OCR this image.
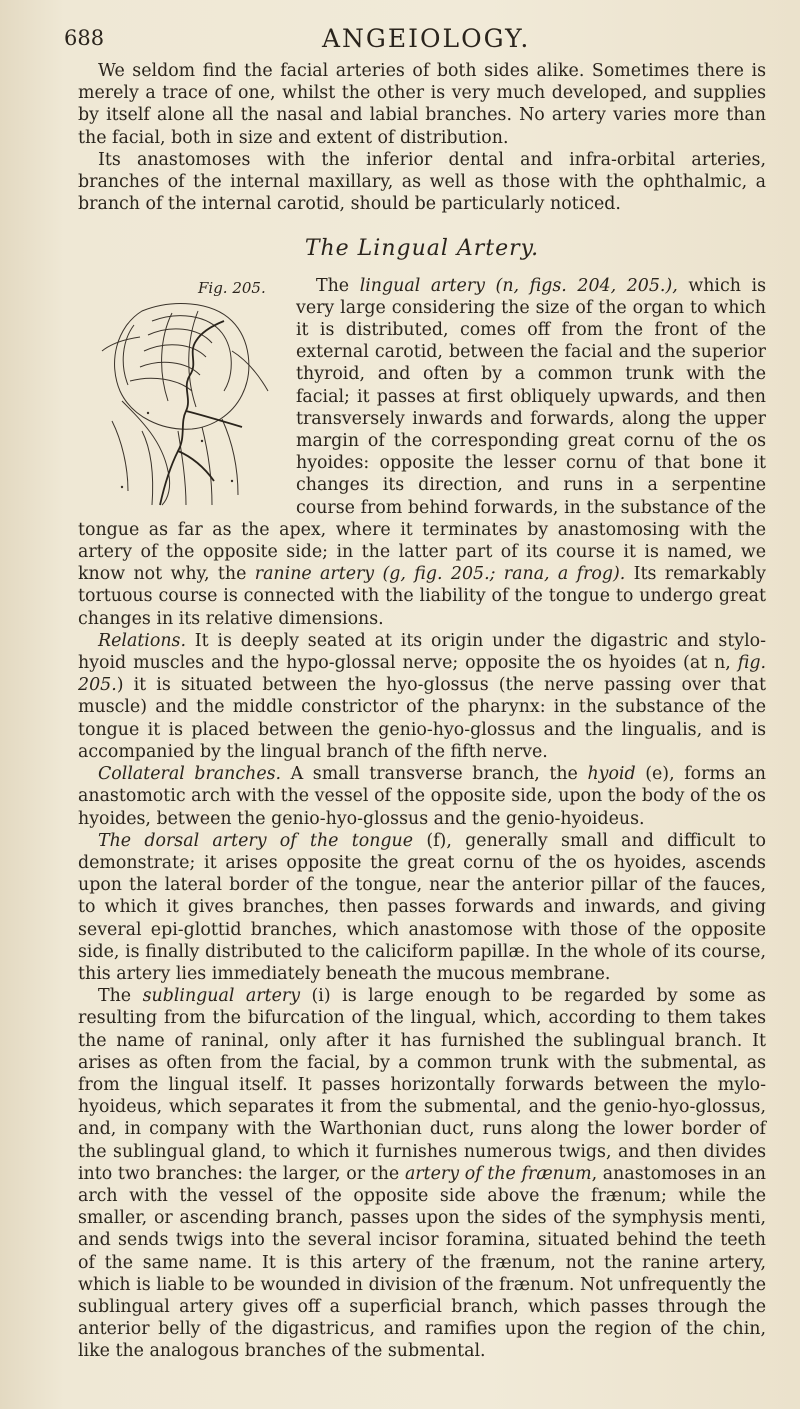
688	ANGEIOLOGY.

We seldom find the facial arteries of both sides alike. Sometimes there is merely a trace of one, whilst the other is very much developed, and supplies by itself alone all the nasal and labial branches. No artery varies more than the facial, both in size and extent of distribution.

Its anastomoses with the inferior dental and infra-orbital arteries, branches of the internal maxillary, as well as those with the ophthalmic, a branch of the internal carotid, should be particularly noticed.

The Lingual Artery.

The lingual artery (n, figs. 204, 205.),
Fig. 205.	which is very large considering the size of the organ to which it is distributed, comes off from the front of the external carotid, between the facial and the superior thyroid, and often by a common trunk with the facial; it passes at first obliquely upwards, and then transversely inwards and forwards, along the upper margin of the corresponding great cornu of the os hyoides: opposite the lesser cornu of that bone it changes its direction, and runs in a serpentine course from behind forwards, in the substance of the tongue as far as the apex, where it terminates by anastomosing with the artery of the opposite side; in the latter part of its course it is named, we know not why, the ranine artery (g, fig. 205.; rana, a frog). Its remarkably tortuous course is connected with the liability of the tongue to undergo great changes in its relative dimensions.

Relations. It is deeply seated at its origin under the digastric and stylo-hyoid muscles and the hypo-glossal nerve; opposite the os hyoides (at n, fig. 205.) it is situated between the hyo-glossus (the nerve passing over that muscle) and the middle constrictor of the pharynx: in the substance of the tongue it is placed between the genio-hyo-glossus and the lingualis, and is accompanied by the lingual branch of the fifth nerve.

Collateral branches. A small transverse branch, the hyoid (e), forms an anastomotic arch with the vessel of the opposite side, upon the body of the os hyoides, between the genio-hyo-glossus and the genio-hyoideus.

The dorsal artery of the tongue (f), generally small and difficult to demonstrate; it arises opposite the great cornu of the os hyoides, ascends upon the lateral border of the tongue, near the anterior pillar of the fauces, to which it gives branches, then passes forwards and inwards, and giving several epi-glottid branches, which anastomose with those of the opposite side, is finally distributed to the caliciform papillæ. In the whole of its course, this artery lies immediately beneath the mucous membrane.

The sublingual artery (i) is large enough to be regarded by some as resulting from the bifurcation of the lingual, which, according to them takes the name of raninal, only after it has furnished the sublingual branch. It arises as often from the facial, by a common trunk with the submental, as from the lingual itself. It passes horizontally forwards between the mylo-hyoideus, which separates it from the submental, and the genio-hyo-glossus, and, in company with the Warthonian duct, runs along the lower border of the sublingual gland, to which it furnishes numerous twigs, and then divides into two branches: the larger, or the artery of the frænum, anastomoses in an arch with the vessel of the opposite side above the frænum; while the smaller, or ascending branch, passes upon the sides of the symphysis menti, and sends twigs into the several incisor foramina, situated behind the teeth of the same name. It is this artery of the frænum, not the ranine artery, which is liable to be wounded in division of the frænum. Not unfrequently the sublingual artery gives off a superficial branch, which passes through the anterior belly of the digastricus, and ramifies upon the region of the chin, like the analogous branches of the submental.
